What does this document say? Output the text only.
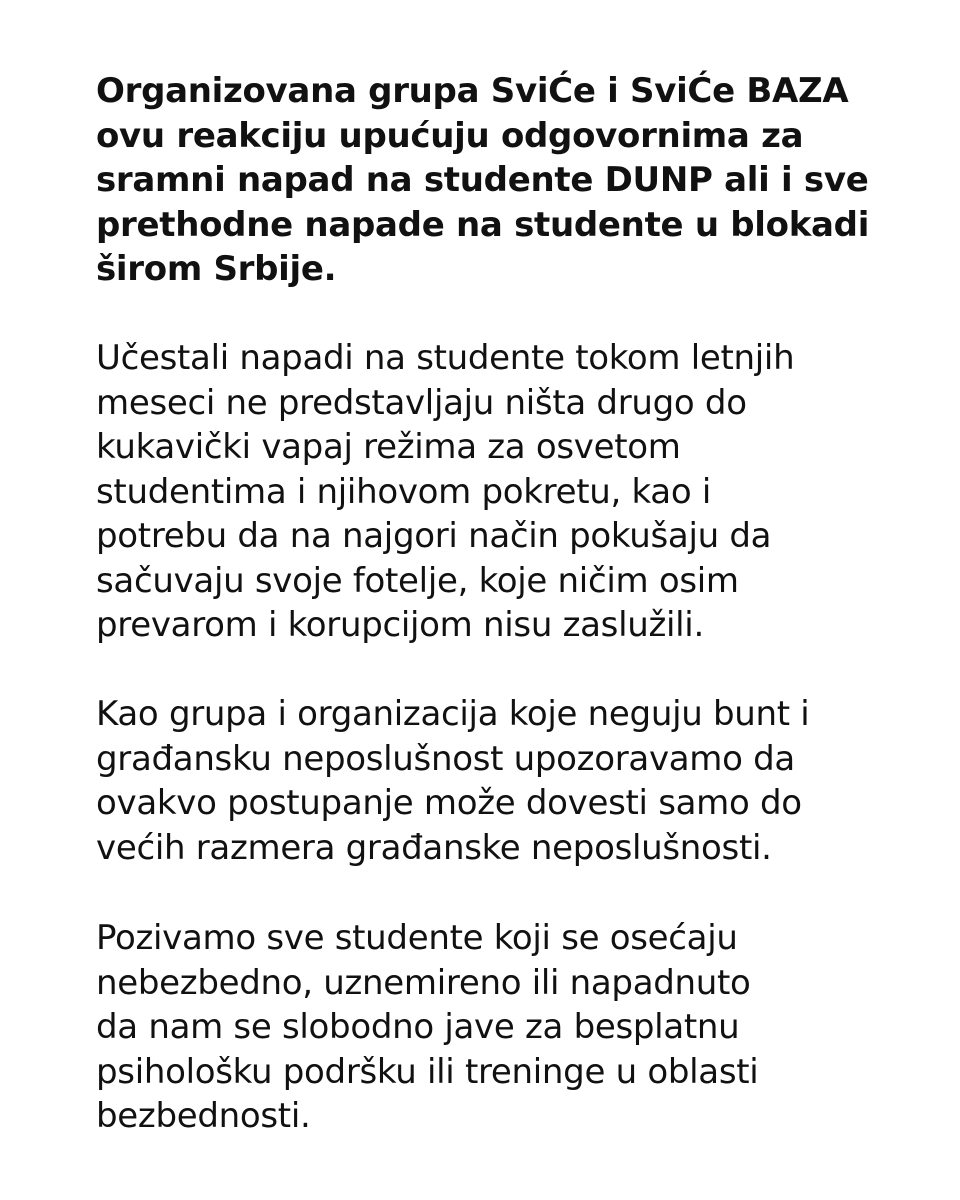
Organizovana grupa SviĆe i SviĆe BAZA
ovu reakciju upućuju odgovornima za
sramni napad na studente DUNP ali i sve
prethodne napade na studente u blokadi
širom Srbije.
Učestali napadi na studente tokom letnjih
meseci ne predstavljaju ništa drugo do
kukavički vapaj režima za osvetom
studentima i njihovom pokretu, kao i
potrebu da na najgori način pokušaju da
sačuvaju svoje fotelje, koje ničim osim
prevarom i korupcijom nisu zaslužili.
Kao grupa i organizacija koje neguju bunt i
građansku neposlušnost upozoravamo da
ovakvo postupanje može dovesti samo do
većih razmera građanske neposlušnosti.
Pozivamo sve studente koji se osećaju
nebezbedno, uznemireno ili napadnuto
da nam se slobodno jave za besplatnu
psihološku podršku ili treninge u oblasti
bezbednosti.
